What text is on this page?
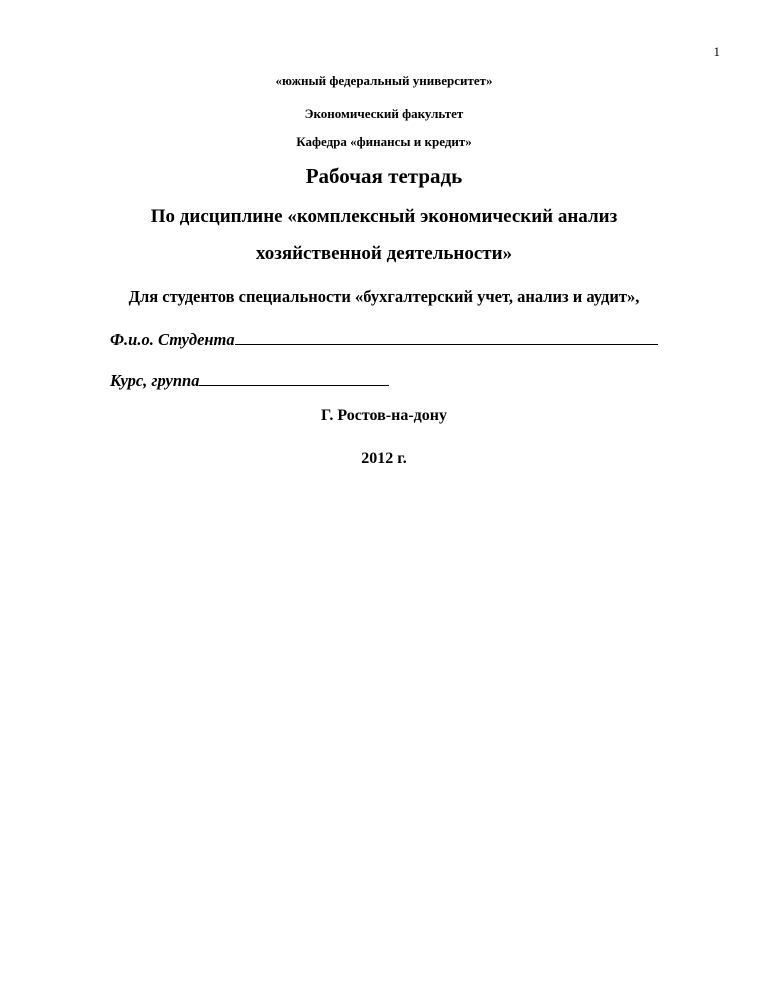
1
«южный федеральный университет»
Экономический факультет
Кафедра «финансы и кредит»
Рабочая тетрадь
По дисциплине «комплексный экономический анализ
хозяйственной деятельности»
Для студентов специальности «бухгалтерский учет, анализ и аудит»,
Ф.и.о. Студента
Курс, группа
Г. Ростов-на-дону
2012 г.
